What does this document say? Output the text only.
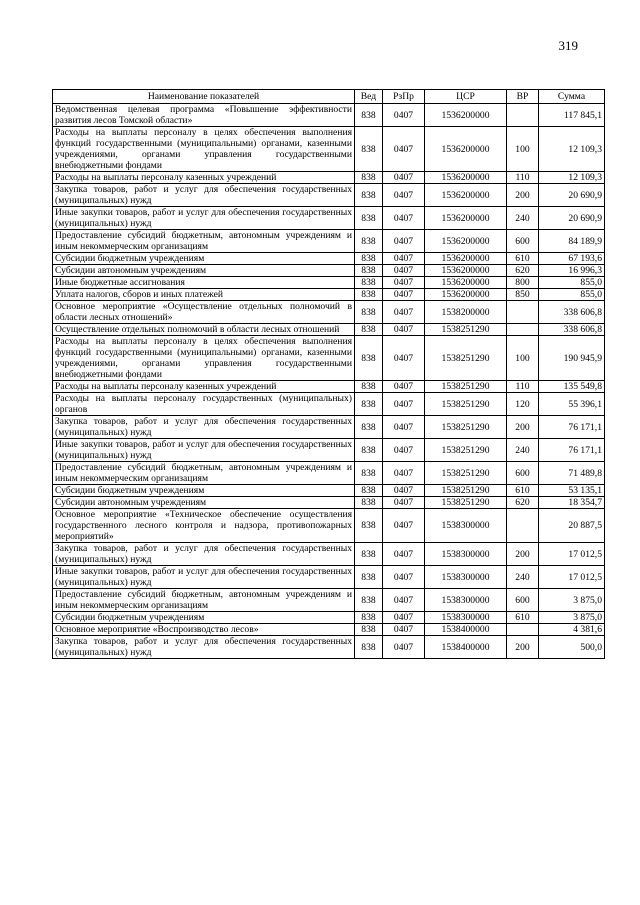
319
Наименование показателей	Вед	РзПр	ЦСР	ВР	Сумма
Ведомственная целевая программа «Повышение эффективности развития лесов Томской области»	838	0407	1536200000		117 845,1
Расходы на выплаты персоналу в целях обеспечения выполнения функций государственными (муниципальными) органами, казенными учреждениями, органами управления государственными внебюджетными фондами	838	0407	1536200000	100	12 109,3
Расходы на выплаты персоналу казенных учреждений	838	0407	1536200000	110	12 109,3
Закупка товаров, работ и услуг для обеспечения государственных (муниципальных) нужд	838	0407	1536200000	200	20 690,9
Иные закупки товаров, работ и услуг для обеспечения государственных (муниципальных) нужд	838	0407	1536200000	240	20 690,9
Предоставление субсидий бюджетным, автономным учреждениям и иным некоммерческим организациям	838	0407	1536200000	600	84 189,9
Субсидии бюджетным учреждениям	838	0407	1536200000	610	67 193,6
Субсидии автономным учреждениям	838	0407	1536200000	620	16 996,3
Иные бюджетные ассигнования	838	0407	1536200000	800	855,0
Уплата налогов, сборов и иных платежей	838	0407	1536200000	850	855,0
Основное мероприятие «Осуществление отдельных полномочий в области лесных отношений»	838	0407	1538200000		338 606,8
Осуществление отдельных полномочий в области лесных отношений	838	0407	1538251290		338 606,8
Расходы на выплаты персоналу в целях обеспечения выполнения функций государственными (муниципальными) органами, казенными учреждениями, органами управления государственными внебюджетными фондами	838	0407	1538251290	100	190 945,9
Расходы на выплаты персоналу казенных учреждений	838	0407	1538251290	110	135 549,8
Расходы на выплаты персоналу государственных (муниципальных) органов	838	0407	1538251290	120	55 396,1
Закупка товаров, работ и услуг для обеспечения государственных (муниципальных) нужд	838	0407	1538251290	200	76 171,1
Иные закупки товаров, работ и услуг для обеспечения государственных (муниципальных) нужд	838	0407	1538251290	240	76 171,1
Предоставление субсидий бюджетным, автономным учреждениям и иным некоммерческим организациям	838	0407	1538251290	600	71 489,8
Субсидии бюджетным учреждениям	838	0407	1538251290	610	53 135,1
Субсидии автономным учреждениям	838	0407	1538251290	620	18 354,7
Основное мероприятие «Техническое обеспечение осуществления государственного лесного контроля и надзора, противопожарных мероприятий»	838	0407	1538300000		20 887,5
Закупка товаров, работ и услуг для обеспечения государственных (муниципальных) нужд	838	0407	1538300000	200	17 012,5
Иные закупки товаров, работ и услуг для обеспечения государственных (муниципальных) нужд	838	0407	1538300000	240	17 012,5
Предоставление субсидий бюджетным, автономным учреждениям и иным некоммерческим организациям	838	0407	1538300000	600	3 875,0
Субсидии бюджетным учреждениям	838	0407	1538300000	610	3 875,0
Основное мероприятие «Воспроизводство лесов»	838	0407	1538400000		4 381,6
Закупка товаров, работ и услуг для обеспечения государственных (муниципальных) нужд	838	0407	1538400000	200	500,0
